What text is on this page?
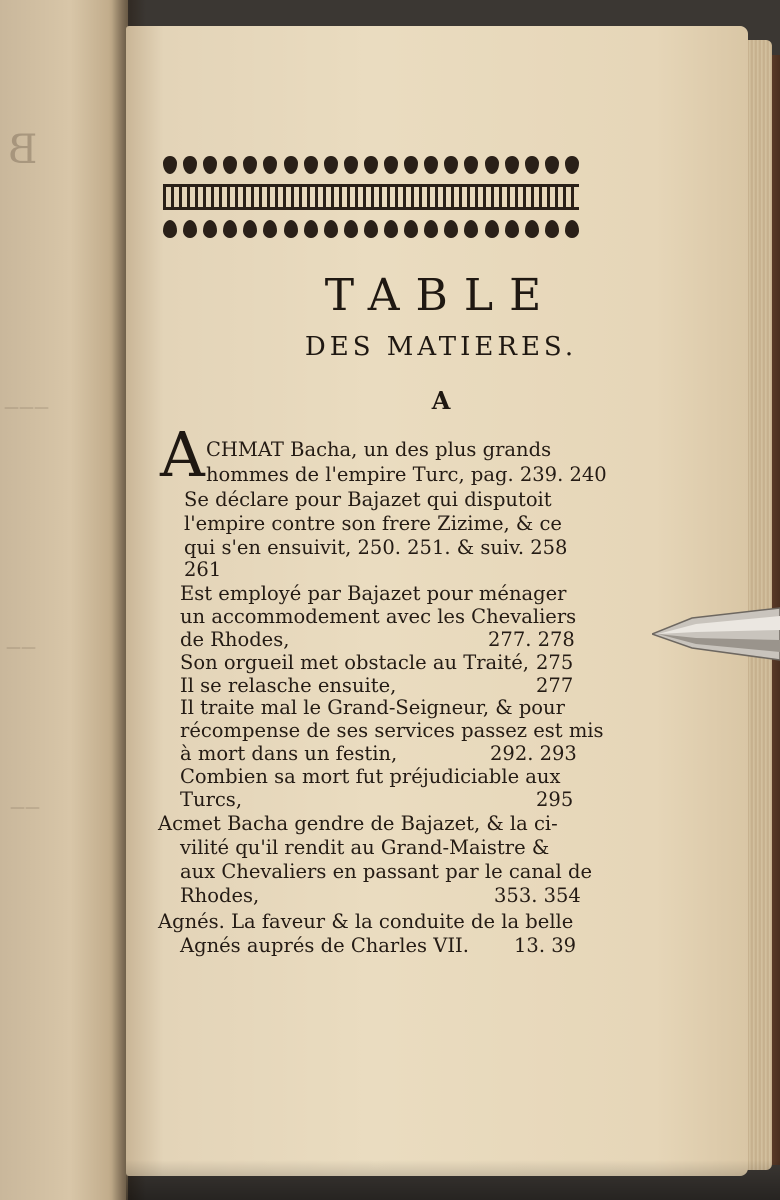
B
———
——
——
TABLE
DES MATIERES.
A
A CHMAT Bacha, un des plus grands
hommes de l'empire Turc, pag. 239. 240
Se déclare pour Bajazet qui disputoit
l'empire contre son frere Zizime, & ce
qui s'en ensuivit, 250. 251. & suiv. 258
261
Est employé par Bajazet pour ménager
un accommodement avec les Chevaliers
de Rhodes,	277. 278
Son orgueil met obstacle au Traité, 275
Il se relasche ensuite,	277
Il traite mal le Grand-Seigneur, & pour
récompense de ses services passez est mis
à mort dans un festin,	292. 293
Combien sa mort fut préjudiciable aux
Turcs,	295
Acmet Bacha gendre de Bajazet, & la ci-
vilité qu'il rendit au Grand-Maistre &
aux Chevaliers en passant par le canal de
Rhodes,	353. 354
Agnés. La faveur & la conduite de la belle
Agnés auprés de Charles VII. 13. 39
